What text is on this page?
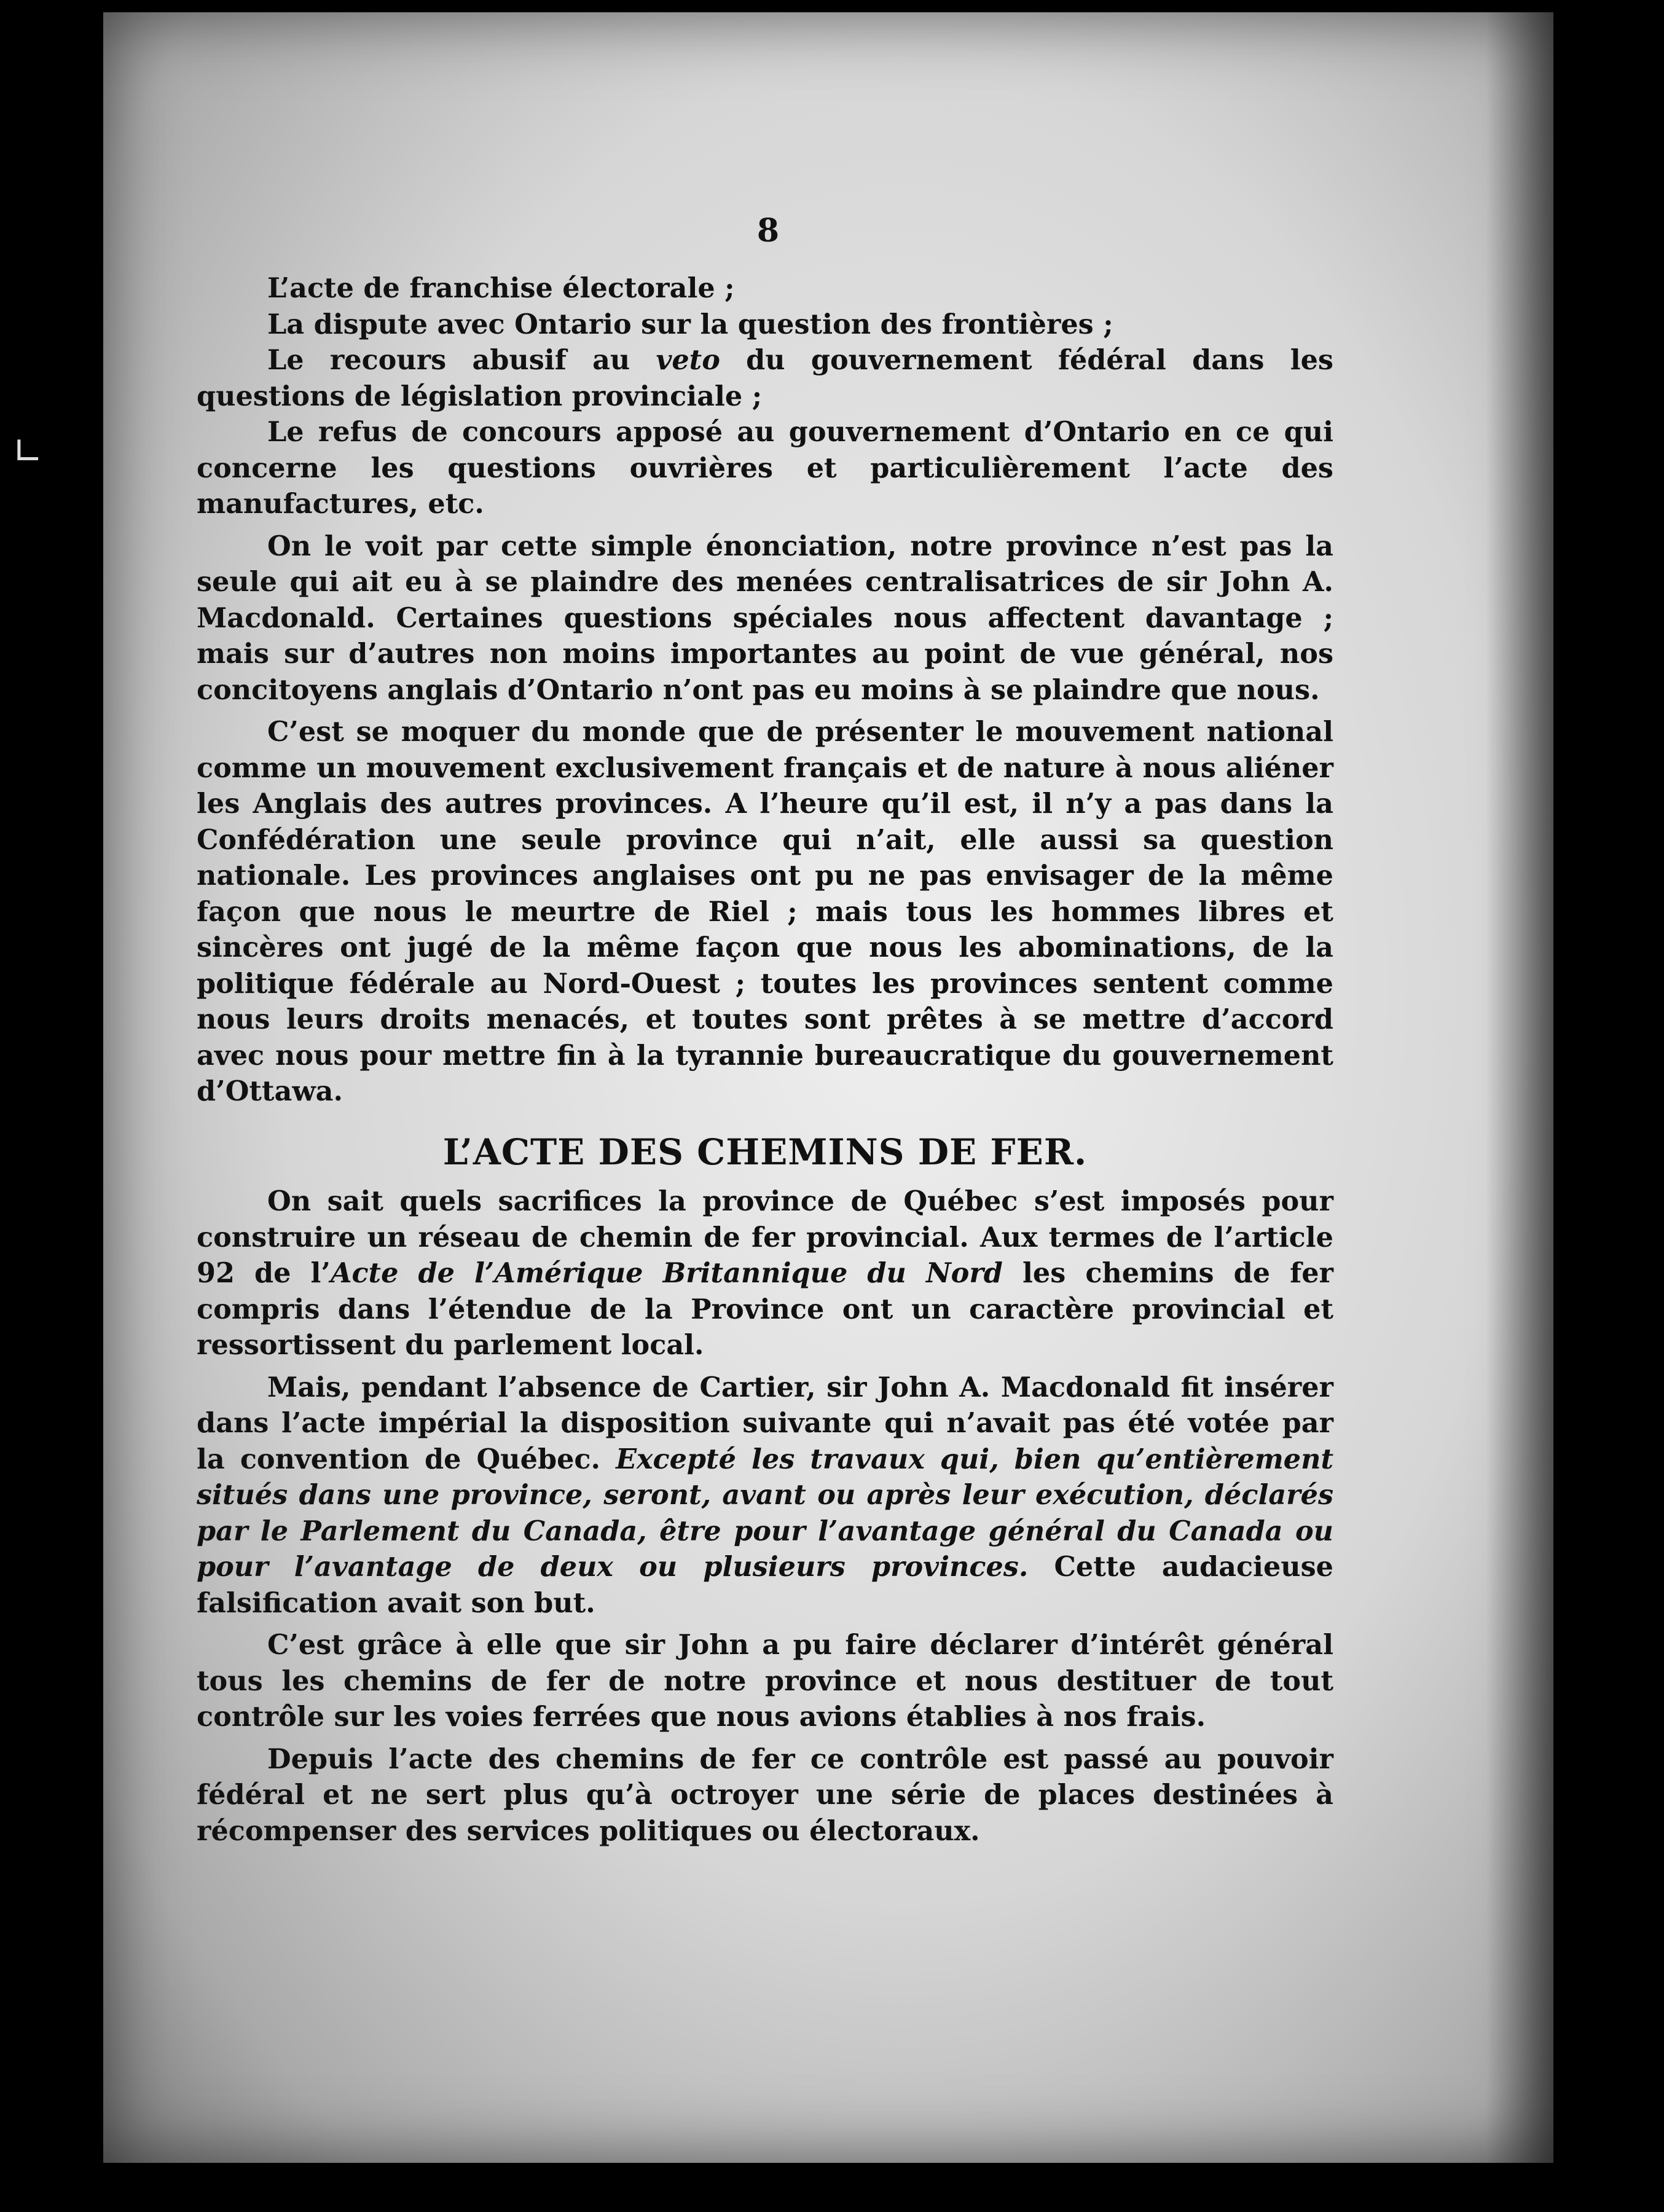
∟
8

L’acte de franchise électorale ;

La dispute avec Ontario sur la question des frontières ;

Le recours abusif au veto du gouvernement fédéral dans les questions de législation provinciale ;

Le refus de concours apposé au gouvernement d’Ontario en ce qui concerne les questions ouvrières et particulièrement l’acte des manufactures, etc.

On le voit par cette simple énonciation, notre province n’est pas la seule qui ait eu à se plaindre des menées centralisatrices de sir John A. Macdonald. Certaines questions spéciales nous affectent davantage ; mais sur d’autres non moins importantes au point de vue général, nos concitoyens anglais d’Ontario n’ont pas eu moins à se plaindre que nous.

C’est se moquer du monde que de présenter le mouvement national comme un mouvement exclusivement français et de nature à nous aliéner les Anglais des autres provinces. A l’heure qu’il est, il n’y a pas dans la Confédération une seule province qui n’ait, elle aussi sa question nationale. Les provinces anglaises ont pu ne pas envisager de la même façon que nous le meurtre de Riel ; mais tous les hommes libres et sincères ont jugé de la même façon que nous les abominations, de la politique fédérale au Nord-Ouest ; toutes les provinces sentent comme nous leurs droits menacés, et toutes sont prêtes à se mettre d’accord avec nous pour mettre fin à la tyrannie bureaucratique du gouvernement d’Ottawa.

L’ACTE DES CHEMINS DE FER.

On sait quels sacrifices la province de Québec s’est imposés pour construire un réseau de chemin de fer provincial. Aux termes de l’article 92 de l’Acte de l’Amérique Britannique du Nord les chemins de fer compris dans l’étendue de la Province ont un caractère provincial et ressortissent du parlement local.

Mais, pendant l’absence de Cartier, sir John A. Macdonald fit insérer dans l’acte impérial la disposition suivante qui n’avait pas été votée par la convention de Québec. Excepté les travaux qui, bien qu’entièrement situés dans une province, seront, avant ou après leur exécution, déclarés par le Parlement du Canada, être pour l’avantage général du Canada ou pour l’avantage de deux ou plusieurs provinces. Cette audacieuse falsification avait son but.

C’est grâce à elle que sir John a pu faire déclarer d’intérêt général tous les chemins de fer de notre province et nous destituer de tout contrôle sur les voies ferrées que nous avions établies à nos frais.

Depuis l’acte des chemins de fer ce contrôle est passé au pouvoir fédéral et ne sert plus qu’à octroyer une série de places destinées à récompenser des services politiques ou électoraux.
